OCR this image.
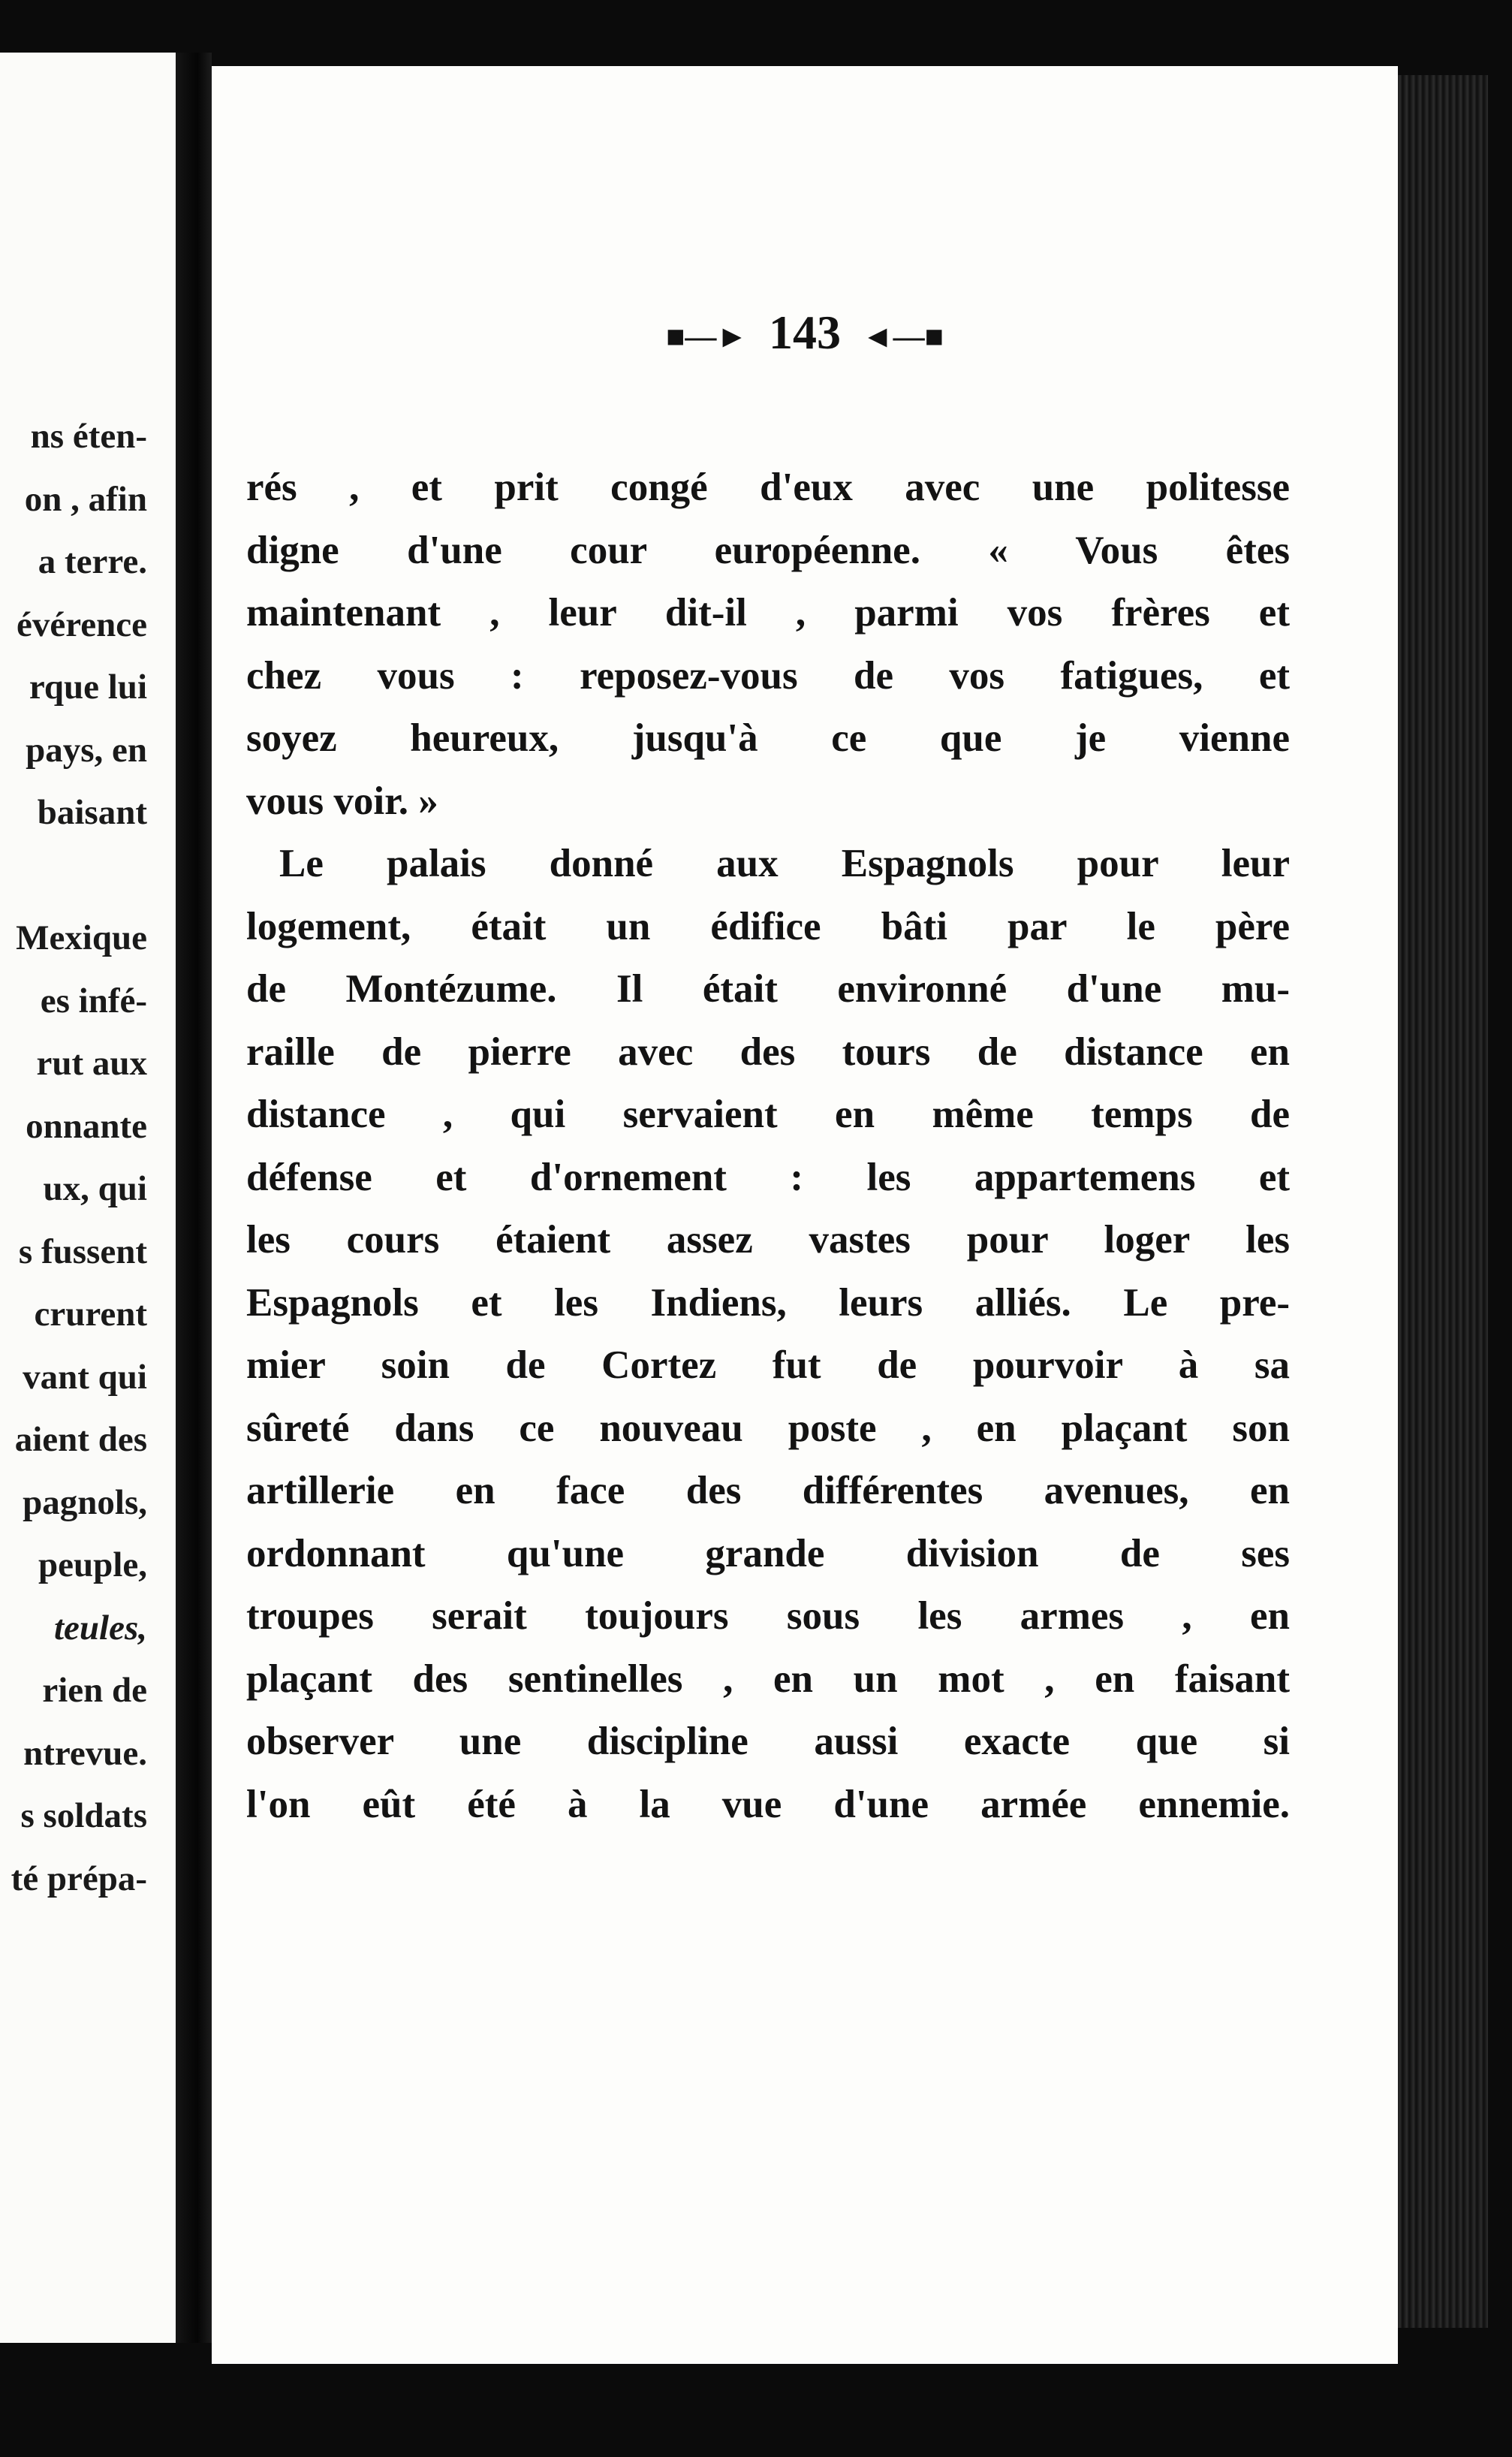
ns éten-
on , afin
a terre.
évérence
rque lui
pays, en
baisant
Mexique
es infé-
rut aux
onnante
ux, qui
s fussent
crurent
vant qui
aient des
pagnols,
peuple,
teules,
rien de
ntrevue.
s soldats
té prépa-
■—► 143 ◄—■
rés , et prit congé d'eux avec une politesse
digne d'une cour européenne. « Vous êtes
maintenant , leur dit-il , parmi vos frères et
chez vous : reposez-vous de vos fatigues, et
soyez heureux, jusqu'à ce que je vienne
vous voir. »
Le palais donné aux Espagnols pour leur
logement, était un édifice bâti par le père
de Montézume. Il était environné d'une mu-
raille de pierre avec des tours de distance en
distance , qui servaient en même temps de
défense et d'ornement : les appartemens et
les cours étaient assez vastes pour loger les
Espagnols et les Indiens, leurs alliés. Le pre-
mier soin de Cortez fut de pourvoir à sa
sûreté dans ce nouveau poste , en plaçant son
artillerie en face des différentes avenues, en
ordonnant qu'une grande division de ses
troupes serait toujours sous les armes , en
plaçant des sentinelles , en un mot , en faisant
observer une discipline aussi exacte que si
l'on eût été à la vue d'une armée ennemie.
